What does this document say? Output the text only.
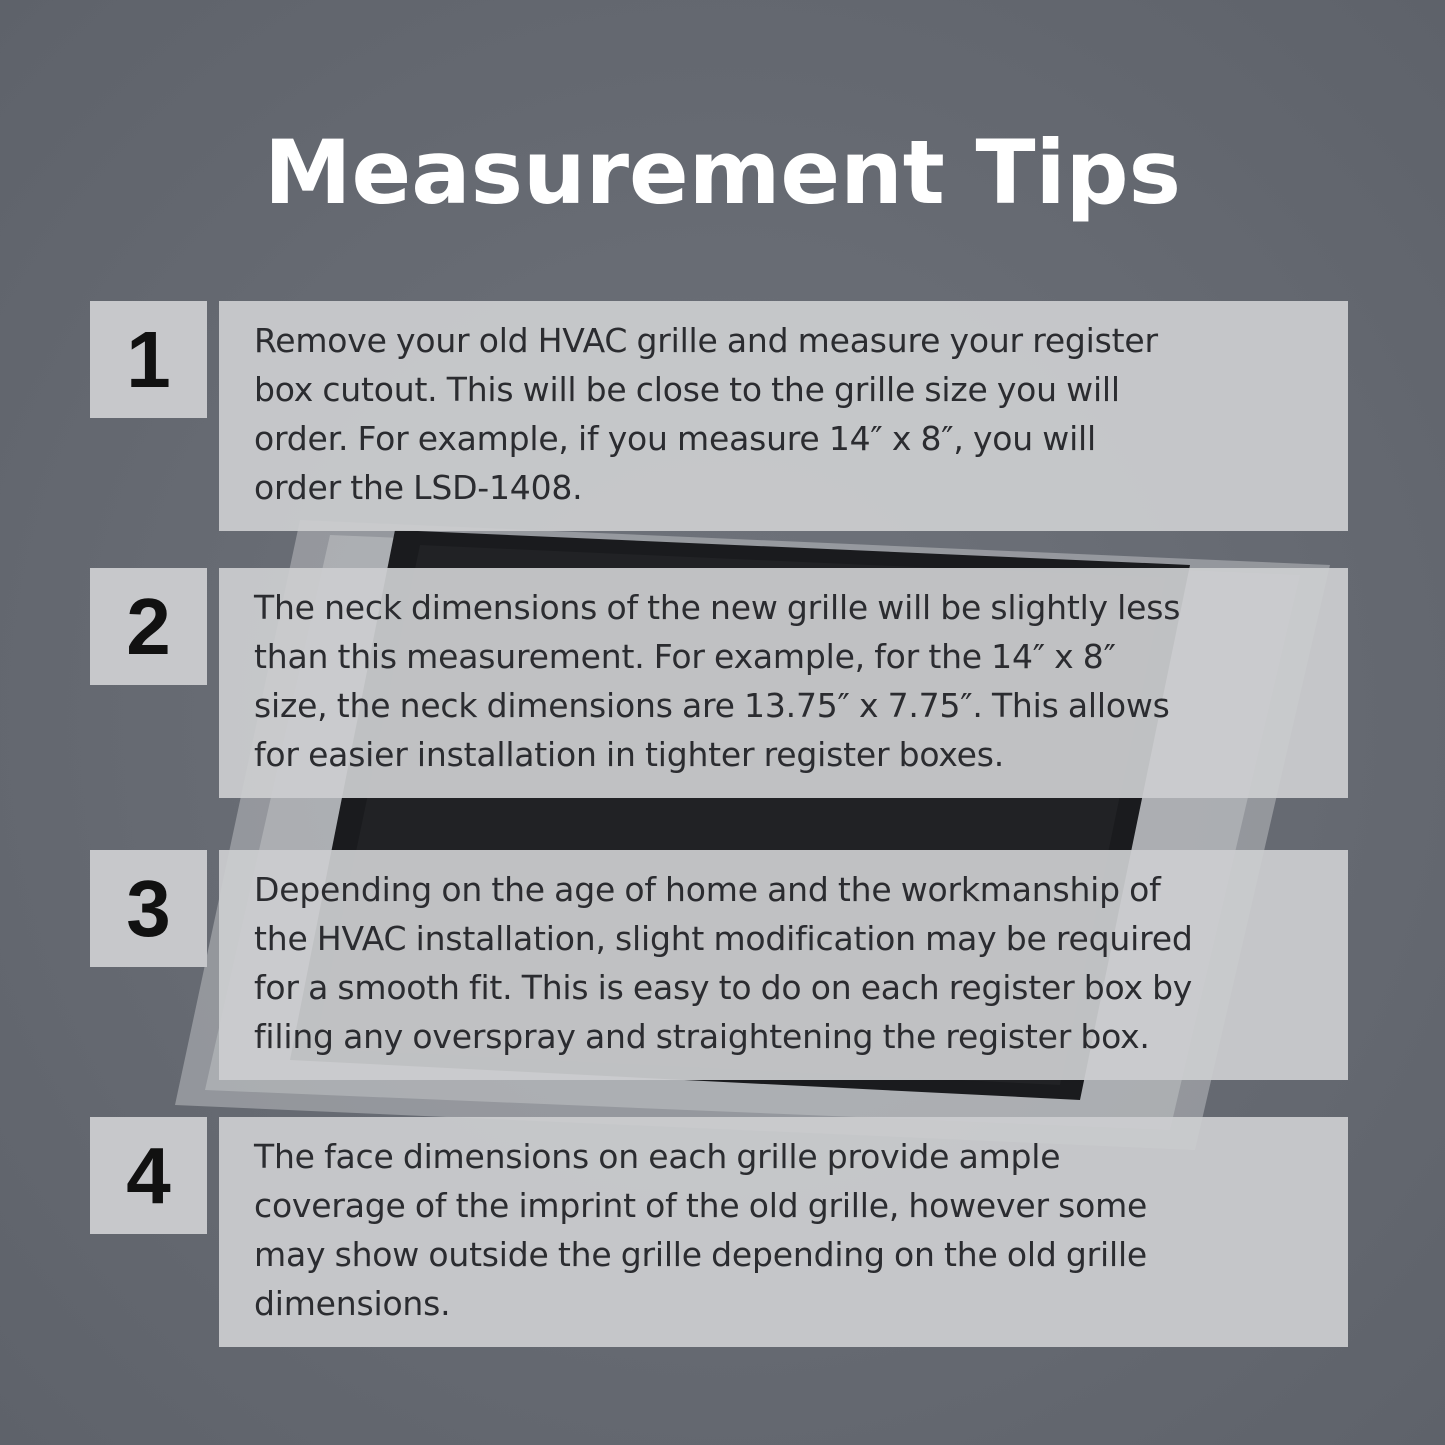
Measurement Tips
1	Remove your old HVAC grille and measure your register
box cutout. This will be close to the grille size you will
order. For example, if you measure 14″ x 8″, you will
order the LSD-1408.

2	The neck dimensions of the new grille will be slightly less
than this measurement. For example, for the 14″ x 8″
size, the neck dimensions are 13.75″ x 7.75″. This allows
for easier installation in tighter register boxes.

3	Depending on the age of home and the workmanship of
the HVAC installation, slight modification may be required
for a smooth fit. This is easy to do on each register box by
filing any overspray and straightening the register box.

4	The face dimensions on each grille provide ample
coverage of the imprint of the old grille, however some
may show outside the grille depending on the old grille
dimensions.
